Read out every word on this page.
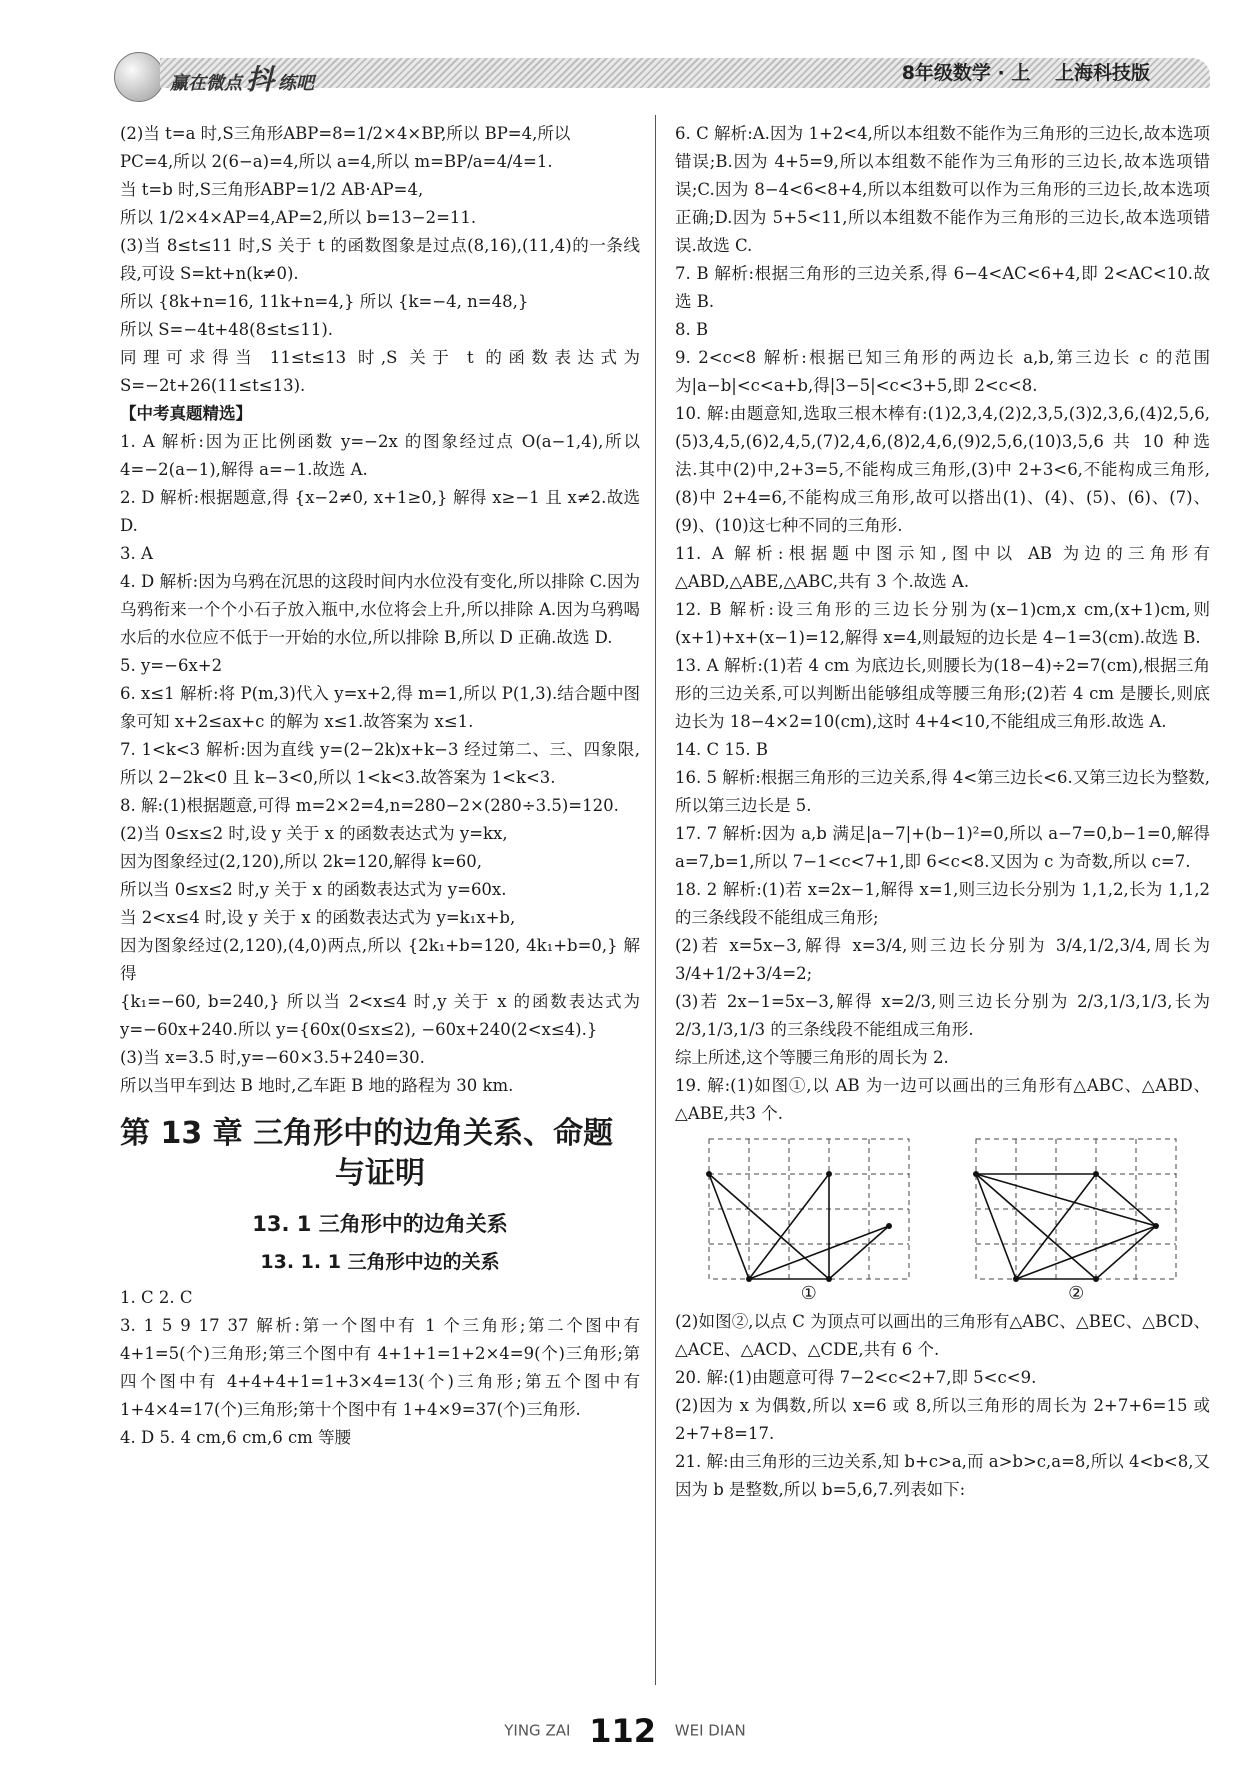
赢在微点 抖 练吧	8年级数学 · 上 上海科技版

(2)当 t=a 时,S三角形ABP=8=1/2×4×BP,所以 BP=4,所以

PC=4,所以 2(6−a)=4,所以 a=4,所以 m=BP/a=4/4=1.

当 t=b 时,S三角形ABP=1/2 AB·AP=4,

所以 1/2×4×AP=4,AP=2,所以 b=13−2=11.

(3)当 8≤t≤11 时,S 关于 t 的函数图象是过点(8,16),(11,4)的一条线段,可设 S=kt+n(k≠0).

所以 {8k+n=16, 11k+n=4,} 所以 {k=−4, n=48,}

所以 S=−4t+48(8≤t≤11).

同理可求得当 11≤t≤13 时,S 关于 t 的函数表达式为 S=−2t+26(11≤t≤13).

【中考真题精选】

1. A 解析:因为正比例函数 y=−2x 的图象经过点 O(a−1,4),所以 4=−2(a−1),解得 a=−1.故选 A.

2. D 解析:根据题意,得 {x−2≠0, x+1≥0,} 解得 x≥−1 且 x≠2.故选 D.

3. A

4. D 解析:因为乌鸦在沉思的这段时间内水位没有变化,所以排除 C.因为乌鸦衔来一个个小石子放入瓶中,水位将会上升,所以排除 A.因为乌鸦喝水后的水位应不低于一开始的水位,所以排除 B,所以 D 正确.故选 D.

5. y=−6x+2

6. x≤1 解析:将 P(m,3)代入 y=x+2,得 m=1,所以 P(1,3).结合题中图象可知 x+2≤ax+c 的解为 x≤1.故答案为 x≤1.

7. 1<k<3 解析:因为直线 y=(2−2k)x+k−3 经过第二、三、四象限,所以 2−2k<0 且 k−3<0,所以 1<k<3.故答案为 1<k<3.

8. 解:(1)根据题意,可得 m=2×2=4,n=280−2×(280÷3.5)=120.

(2)当 0≤x≤2 时,设 y 关于 x 的函数表达式为 y=kx,

因为图象经过(2,120),所以 2k=120,解得 k=60,

所以当 0≤x≤2 时,y 关于 x 的函数表达式为 y=60x.

当 2<x≤4 时,设 y 关于 x 的函数表达式为 y=k₁x+b,

因为图象经过(2,120),(4,0)两点,所以 {2k₁+b=120, 4k₁+b=0,} 解得

{k₁=−60, b=240,} 所以当 2<x≤4 时,y 关于 x 的函数表达式为 y=−60x+240.所以 y={60x(0≤x≤2), −60x+240(2<x≤4).}

(3)当 x=3.5 时,y=−60×3.5+240=30.

所以当甲车到达 B 地时,乙车距 B 地的路程为 30 km.

第 13 章 三角形中的边角关系、命题
与证明
13. 1 三角形中的边角关系
13. 1. 1 三角形中边的关系

1. C 2. C

3. 1 5 9 17 37 解析:第一个图中有 1 个三角形;第二个图中有 4+1=5(个)三角形;第三个图中有 4+1+1=1+2×4=9(个)三角形;第四个图中有 4+4+4+1=1+3×4=13(个)三角形;第五个图中有 1+4×4=17(个)三角形;第十个图中有 1+4×9=37(个)三角形.

4. D 5. 4 cm,6 cm,6 cm 等腰

6. C 解析:A.因为 1+2<4,所以本组数不能作为三角形的三边长,故本选项错误;B.因为 4+5=9,所以本组数不能作为三角形的三边长,故本选项错误;C.因为 8−4<6<8+4,所以本组数可以作为三角形的三边长,故本选项正确;D.因为 5+5<11,所以本组数不能作为三角形的三边长,故本选项错误.故选 C.

7. B 解析:根据三角形的三边关系,得 6−4<AC<6+4,即 2<AC<10.故选 B.

8. B

9. 2<c<8 解析:根据已知三角形的两边长 a,b,第三边长 c 的范围为|a−b|<c<a+b,得|3−5|<c<3+5,即 2<c<8.

10. 解:由题意知,选取三根木棒有:(1)2,3,4,(2)2,3,5,(3)2,3,6,(4)2,5,6,(5)3,4,5,(6)2,4,5,(7)2,4,6,(8)2,4,6,(9)2,5,6,(10)3,5,6 共 10 种选法.其中(2)中,2+3=5,不能构成三角形,(3)中 2+3<6,不能构成三角形,(8)中 2+4=6,不能构成三角形,故可以搭出(1)、(4)、(5)、(6)、(7)、(9)、(10)这七种不同的三角形.

11. A 解析:根据题中图示知,图中以 AB 为边的三角形有△ABD,△ABE,△ABC,共有 3 个.故选 A.

12. B 解析:设三角形的三边长分别为(x−1)cm,x cm,(x+1)cm,则(x+1)+x+(x−1)=12,解得 x=4,则最短的边长是 4−1=3(cm).故选 B.

13. A 解析:(1)若 4 cm 为底边长,则腰长为(18−4)÷2=7(cm),根据三角形的三边关系,可以判断出能够组成等腰三角形;(2)若 4 cm 是腰长,则底边长为 18−4×2=10(cm),这时 4+4<10,不能组成三角形.故选 A.

14. C 15. B

16. 5 解析:根据三角形的三边关系,得 4<第三边长<6.又第三边长为整数,所以第三边长是 5.

17. 7 解析:因为 a,b 满足|a−7|+(b−1)²=0,所以 a−7=0,b−1=0,解得 a=7,b=1,所以 7−1<c<7+1,即 6<c<8.又因为 c 为奇数,所以 c=7.

18. 2 解析:(1)若 x=2x−1,解得 x=1,则三边长分别为 1,1,2,长为 1,1,2 的三条线段不能组成三角形;

(2)若 x=5x−3,解得 x=3/4,则三边长分别为 3/4,1/2,3/4,周长为 3/4+1/2+3/4=2;

(3)若 2x−1=5x−3,解得 x=2/3,则三边长分别为 2/3,1/3,1/3,长为 2/3,1/3,1/3 的三条线段不能组成三角形.

综上所述,这个等腰三角形的周长为 2.

19. 解:(1)如图①,以 AB 为一边可以画出的三角形有△ABC、△ABD、△ABE,共3 个.

①	②

(2)如图②,以点 C 为顶点可以画出的三角形有△ABC、△BEC、△BCD、△ACE、△ACD、△CDE,共有 6 个.

20. 解:(1)由题意可得 7−2<c<2+7,即 5<c<9.

(2)因为 x 为偶数,所以 x=6 或 8,所以三角形的周长为 2+7+6=15 或 2+7+8=17.

21. 解:由三角形的三边关系,知 b+c>a,而 a>b>c,a=8,所以 4<b<8,又因为 b 是整数,所以 b=5,6,7.列表如下:

YING ZAI 112 WEI DIAN
